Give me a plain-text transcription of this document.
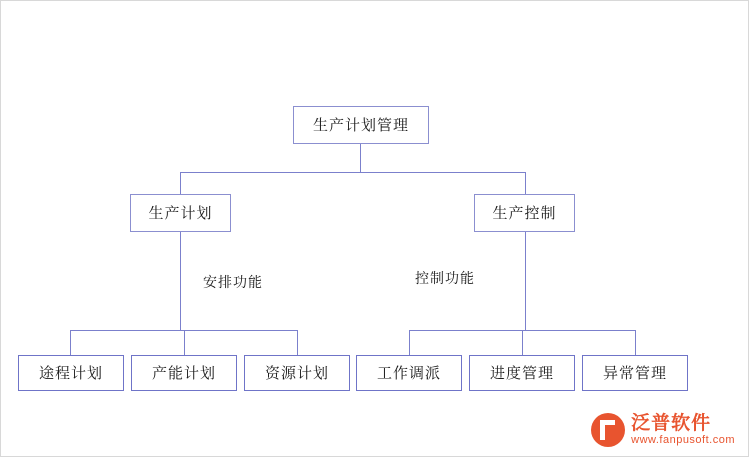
生产计划管理
生产计划	生产控制
途程计划	产能计划	资源计划	工作调派	进度管理	异常管理
安排功能	控制功能
泛普软件
www.fanpusoft.com
